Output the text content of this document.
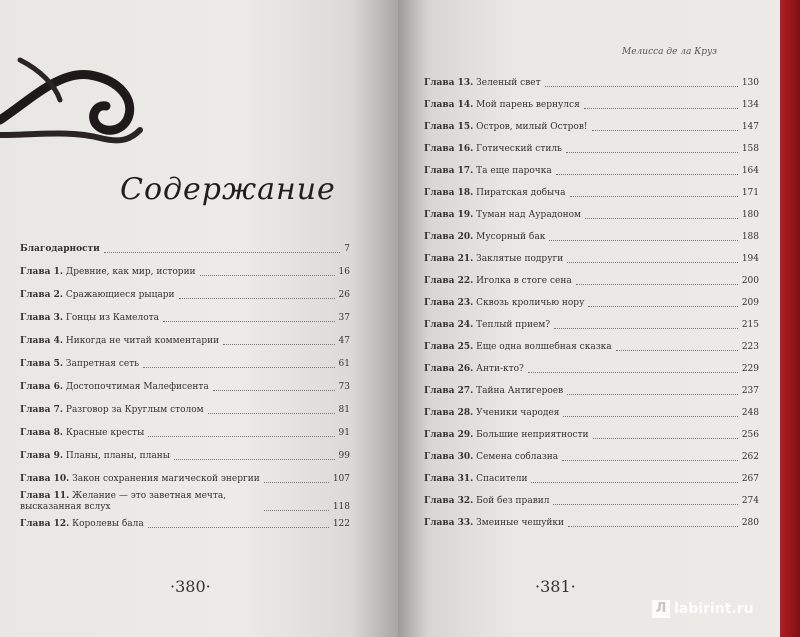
Содержание
Мелисса де ла Круз
Благодарности	7
Глава 1. Древние, как мир, истории	16
Глава 2. Сражающиеся рыцари	26
Глава 3. Гонцы из Камелота	37
Глава 4. Никогда не читай комментарии	47
Глава 5. Запретная сеть	61
Глава 6. Достопочтимая Малефисента	73
Глава 7. Разговор за Круглым столом	81
Глава 8. Красные кресты	91
Глава 9. Планы, планы, планы	99
Глава 10. Закон сохранения магической энергии	107
Глава 11. Желание — это заветная мечта, высказанная вслух	118
Глава 12. Королевы бала	122
Глава 13. Зеленый свет	130
Глава 14. Мой парень вернулся	134
Глава 15. Остров, милый Остров!	147
Глава 16. Готический стиль	158
Глава 17. Та еще парочка	164
Глава 18. Пиратская добыча	171
Глава 19. Туман над Аурадоном	180
Глава 20. Мусорный бак	188
Глава 21. Заклятые подруги	194
Глава 22. Иголка в стоге сена	200
Глава 23. Сквозь кроличью нору	209
Глава 24. Теплый прием?	215
Глава 25. Еще одна волшебная сказка	223
Глава 26. Анти-кто?	229
Глава 27. Тайна Антигероев	237
Глава 28. Ученики чародея	248
Глава 29. Большие неприятности	256
Глава 30. Семена соблазна	262
Глава 31. Спасители	267
Глава 32. Бой без правил	274
Глава 33. Змеиные чешуйки	280
·380·	·381·
Л labirint.ru
